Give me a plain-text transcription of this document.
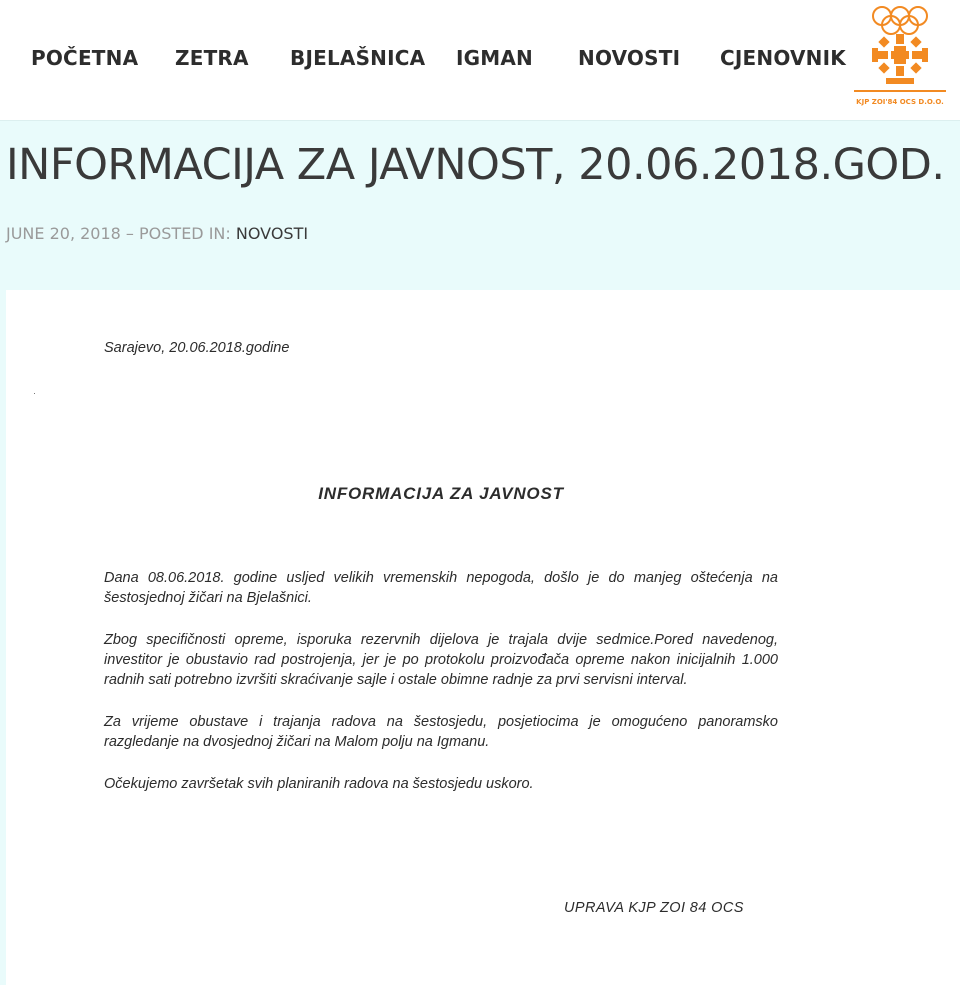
POČETNA ZETRA BJELAŠNICA IGMAN NOVOSTI CJENOVNIK
KJP ZOI'84 OCS D.O.O.
INFORMACIJA ZA JAVNOST, 20.06.2018.GOD.
JUNE 20, 2018 – POSTED IN: NOVOSTI
Sarajevo, 20.06.2018.godine
INFORMACIJA ZA JAVNOST

Dana 08.06.2018. godine usljed velikih vremenskih nepogoda, došlo je do manjeg oštećenja na šestosjednoj žičari na Bjelašnici.

Zbog specifičnosti opreme, isporuka rezervnih dijelova je trajala dvije sedmice.Pored navedenog, investitor je obustavio rad postrojenja, jer je po protokolu proizvođača opreme nakon inicijalnih 1.000 radnih sati potrebno izvršiti skraćivanje sajle i ostale obimne radnje za prvi servisni interval.

Za vrijeme obustave i trajanja radova na šestosjedu, posjetiocima je omogućeno panoramsko razgledanje na dvosjednoj žičari na Malom polju na Igmanu.

Očekujemo završetak svih planiranih radova na šestosjedu uskoro.

UPRAVA KJP ZOI 84 OCS
